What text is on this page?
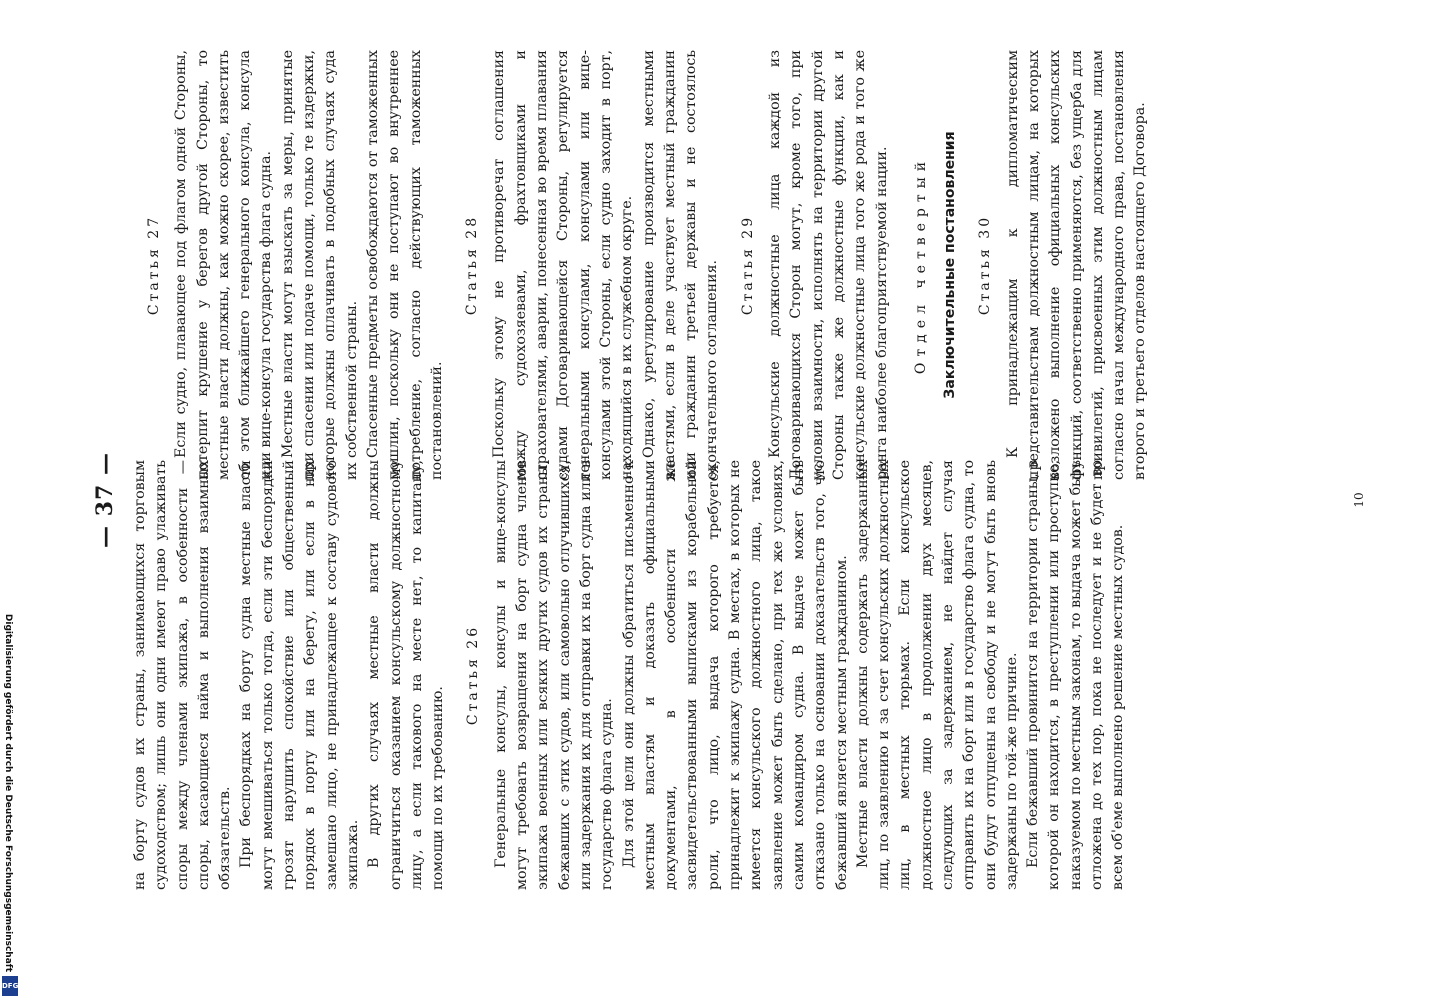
— 37 — на борту судов их страны, занимающихся торговым судоходством; лишь они одни имеют право улаживать споры между членами экипажа, в особенности — споры, касающиеся найма и выполнения взаимных обязательств. При беспорядках на борту судна местные власти могут вмешиваться только тогда, если эти беспорядки грозят нарушить спокойствие или общественный порядок в порту или на берегу, или если в них замешано лицо, не принадлежащее к составу судового экипажа. В других случаях местные власти должны ограничиться оказанием консульскому должностному лицу, а если такового на месте нет, то капитану, помощи по их требованию.

Статья 26 Генеральные консулы, консулы и вице-консулы могут требовать возвращения на борт судна членов экипажа военных или всяких других судов их страны, бежавших с этих судов, или самовольно отлучившихся, или задержания их для отправки их на борт судна или в государство флага судна. Для этой цели они должны обратиться письменно к местным властям и доказать официальными документами, в особенности же засвидетельствованными выписками из корабельной роли, что лицо, выдача которого требуется, принадлежит к экипажу судна. В местах, в которых не имеется консульского должностного лица, такое заявление может быть сделано, при тех же условиях, самим командиром судна. В выдаче может быть отказано только на основании доказательств того, что бежавший является местным гражданином. Местные власти должны содержать задержанных лиц, по заявлению и за счет консульских должностных лиц, в местных тюрьмах. Если консульское должностное лицо в продолжении двух месяцев, следующих за задержанием, не найдет случая отправить их на борт или в государство флага судна, то они будут отпущены на свободу и не могут быть вновь задержаны по той-же причине. Если бежавший провинится на территории страны, в которой он находится, в преступлении или проступке, наказуемом по местным законам, то выдача может быть отложена до тех пор, пока не последует и не будет во всем об'еме выполнено решение местных судов.

Статья 27 Если судно, плавающее под флагом одной Стороны, потерпит крушение у берегов другой Стороны, то местные власти должны, как можно скорее, известить об этом ближайшего генерального консула, консула или вице-консула государства флага судна. Местные власти могут взыскать за меры, принятые при спасении или подаче помощи, только те издержки, которые должны оплачивать в подобных случаях суда их собственной страны. Спасенные предметы освобождаются от таможенных пошлин, поскольку они не поступают во внутреннее потребление, согласно действующих таможенных постановлений.

Статья 28 Поскольку этому не противоречат соглашения между судохозяевами, фрахтовщиками и страхователями, аварии, понесенная во время плавания судами Договаривающейся Стороны, регулируется генеральными консулами, консулами или вице-консулами этой Стороны, если судно заходит в порт, находящийся в их служебном округе. Однако, урегулирование производится местными властями, если в деле участвует местный гражданин или гражданин третьей державы и не состоялось окончательного соглашения. Статья 29 Консульские должностные лица каждой из Договаривающихся Сторон могут, кроме того, при условии взаимности, исполнять на территории другой Стороны также же должностные функции, как и консульские должностные лица того же рода и того же ранга наиболее благоприятствуемой нации. Отдел четвертый Заключительные постановления Статья 30 К принадлежащим к дипломатическим представительствам должностным лицам, на которых возложено выполнение официальных консульских функций, соответственно применяются, без ущерба для привилегий, присвоенных этим должностным лицам согласно начал международного права, постановления второго и третьего отделов настоящего Договора.

10
Digitalisierung gefördert durch die Deutsche Forschungsgemeinschaft
DFG
